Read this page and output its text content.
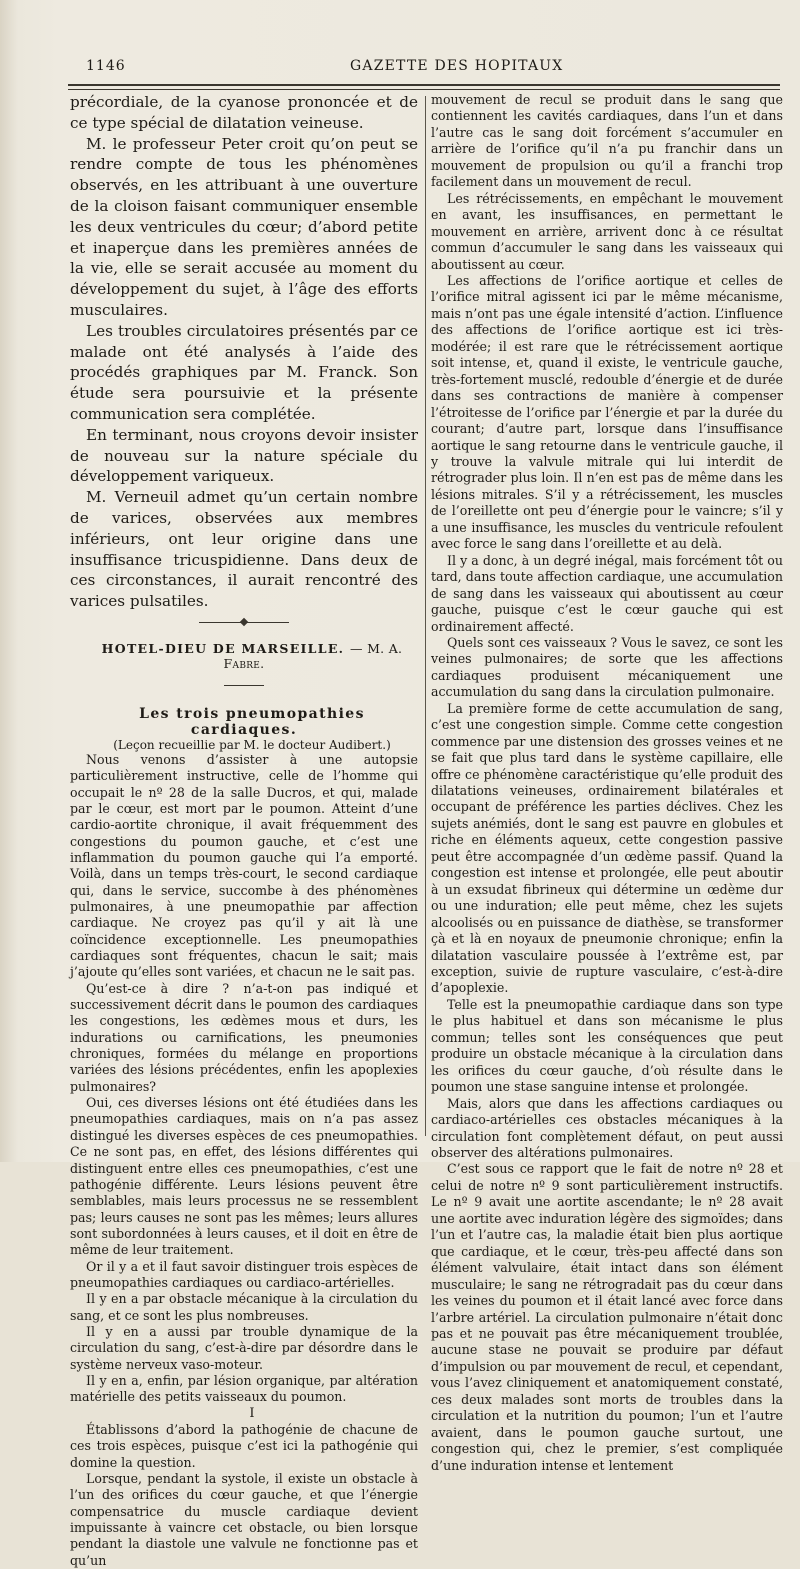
1146	GAZETTE DES HOPITAUX

précordiale, de la cyanose prononcée et de ce type spécial de dilatation veineuse.

M. le professeur Peter croit qu’on peut se rendre compte de tous les phénomènes observés, en les attribuant à une ouverture de la cloison faisant communiquer ensemble les deux ventricules du cœur; d’abord petite et inaperçue dans les premières années de la vie, elle se serait accusée au moment du développement du sujet, à l’âge des efforts musculaires.

Les troubles circulatoires présentés par ce malade ont été analysés à l’aide des procédés graphiques par M. Franck. Son étude sera poursuivie et la présente communication sera complétée.

En terminant, nous croyons devoir insister de nouveau sur la nature spéciale du développement variqueux.

M. Verneuil admet qu’un certain nombre de varices, observées aux membres inférieurs, ont leur origine dans une insuffisance tricuspidienne. Dans deux de ces circonstances, il aurait rencontré des varices pulsatiles.

HOTEL-DIEU DE MARSEILLE. — M. A. Fabre.

Les trois pneumopathies cardiaques.

(Leçon recueillie par M. le docteur Audibert.)

Nous venons d’assister à une autopsie particulièrement instructive, celle de l’homme qui occupait le nº 28 de la salle Ducros, et qui, malade par le cœur, est mort par le poumon. Atteint d’une cardio-aortite chronique, il avait fréquemment des congestions du poumon gauche, et c’est une inflammation du poumon gauche qui l’a emporté. Voilà, dans un temps très-court, le second cardiaque qui, dans le service, succombe à des phénomènes pulmonaires, à une pneumopathie par affection cardiaque. Ne croyez pas qu’il y ait là une coïncidence exceptionnelle. Les pneumopathies cardiaques sont fréquentes, chacun le sait; mais j’ajoute qu’elles sont variées, et chacun ne le sait pas.

Qu’est-ce à dire ? n’a-t-on pas indiqué et successivement décrit dans le poumon des cardiaques les congestions, les œdèmes mous et durs, les indurations ou carnifications, les pneumonies chroniques, formées du mélange en proportions variées des lésions précédentes, enfin les apoplexies pulmonaires?

Oui, ces diverses lésions ont été étudiées dans les pneumopathies cardiaques, mais on n’a pas assez distingué les diverses espèces de ces pneumopathies. Ce ne sont pas, en effet, des lésions différentes qui distinguent entre elles ces pneumopathies, c’est une pathogénie différente. Leurs lésions peuvent être semblables, mais leurs processus ne se ressemblent pas; leurs causes ne sont pas les mêmes; leurs allures sont subordonnées à leurs causes, et il doit en être de même de leur traitement.

Or il y a et il faut savoir distinguer trois espèces de pneumopathies cardiaques ou cardiaco-artérielles.

Il y en a par obstacle mécanique à la circulation du sang, et ce sont les plus nombreuses.

Il y en a aussi par trouble dynamique de la circulation du sang, c’est-à-dire par désordre dans le système nerveux vaso-moteur.

Il y en a, enfin, par lésion organique, par altération matérielle des petits vaisseaux du poumon.

I

Établissons d’abord la pathogénie de chacune de ces trois espèces, puisque c’est ici la pathogénie qui domine la question.

Lorsque, pendant la systole, il existe un obstacle à l’un des orifices du cœur gauche, et que l’énergie compensatrice du muscle cardiaque devient impuissante à vaincre cet obstacle, ou bien lorsque pendant la diastole une valvule ne fonctionne pas et qu’un

mouvement de recul se produit dans le sang que contiennent les cavités cardiaques, dans l’un et dans l’autre cas le sang doit forcément s’accumuler en arrière de l’orifice qu’il n’a pu franchir dans un mouvement de propulsion ou qu’il a franchi trop facilement dans un mouvement de recul.

Les rétrécissements, en empêchant le mouvement en avant, les insuffisances, en permettant le mouvement en arrière, arrivent donc à ce résultat commun d’accumuler le sang dans les vaisseaux qui aboutissent au cœur.

Les affections de l’orifice aortique et celles de l’orifice mitral agissent ici par le même mécanisme, mais n’ont pas une égale intensité d’action. L’influence des affections de l’orifice aortique est ici très-modérée; il est rare que le rétrécissement aortique soit intense, et, quand il existe, le ventricule gauche, très-fortement musclé, redouble d’énergie et de durée dans ses contractions de manière à compenser l’étroitesse de l’orifice par l’énergie et par la durée du courant; d’autre part, lorsque dans l’insuffisance aortique le sang retourne dans le ventricule gauche, il y trouve la valvule mitrale qui lui interdit de rétrograder plus loin. Il n’en est pas de même dans les lésions mitrales. S’il y a rétrécissement, les muscles de l’oreillette ont peu d’énergie pour le vaincre; s’il y a une insuffisance, les muscles du ventricule refoulent avec force le sang dans l’oreillette et au delà.

Il y a donc, à un degré inégal, mais forcément tôt ou tard, dans toute affection cardiaque, une accumulation de sang dans les vaisseaux qui aboutissent au cœur gauche, puisque c’est le cœur gauche qui est ordinairement affecté.

Quels sont ces vaisseaux ? Vous le savez, ce sont les veines pulmonaires; de sorte que les affections cardiaques produisent mécaniquement une accumulation du sang dans la circulation pulmonaire.

La première forme de cette accumulation de sang, c’est une congestion simple. Comme cette congestion commence par une distension des grosses veines et ne se fait que plus tard dans le système capillaire, elle offre ce phénomène caractéristique qu’elle produit des dilatations veineuses, ordinairement bilatérales et occupant de préférence les parties déclives. Chez les sujets anémiés, dont le sang est pauvre en globules et riche en éléments aqueux, cette congestion passive peut être accompagnée d’un œdème passif. Quand la congestion est intense et prolongée, elle peut aboutir à un exsudat fibrineux qui détermine un œdème dur ou une induration; elle peut même, chez les sujets alcoolisés ou en puissance de diathèse, se transformer çà et là en noyaux de pneumonie chronique; enfin la dilatation vasculaire poussée à l’extrême est, par exception, suivie de rupture vasculaire, c’est-à-dire d’apoplexie.

Telle est la pneumopathie cardiaque dans son type le plus habituel et dans son mécanisme le plus commun; telles sont les conséquences que peut produire un obstacle mécanique à la circulation dans les orifices du cœur gauche, d’où résulte dans le poumon une stase sanguine intense et prolongée.

Mais, alors que dans les affections cardiaques ou cardiaco-artérielles ces obstacles mécaniques à la circulation font complètement défaut, on peut aussi observer des altérations pulmonaires.

C’est sous ce rapport que le fait de notre nº 28 et celui de notre nº 9 sont particulièrement instructifs. Le nº 9 avait une aortite ascendante; le nº 28 avait une aortite avec induration légère des sigmoïdes; dans l’un et l’autre cas, la maladie était bien plus aortique que cardiaque, et le cœur, très-peu affecté dans son élément valvulaire, était intact dans son élément musculaire; le sang ne rétrogradait pas du cœur dans les veines du poumon et il était lancé avec force dans l’arbre artériel. La circulation pulmonaire n’était donc pas et ne pouvait pas être mécaniquement troublée, aucune stase ne pouvait se produire par défaut d’impulsion ou par mouvement de recul, et cependant, vous l’avez cliniquement et anatomiquement constaté, ces deux malades sont morts de troubles dans la circulation et la nutrition du poumon; l’un et l’autre avaient, dans le poumon gauche surtout, une congestion qui, chez le premier, s’est compliquée d’une induration intense et lentement
